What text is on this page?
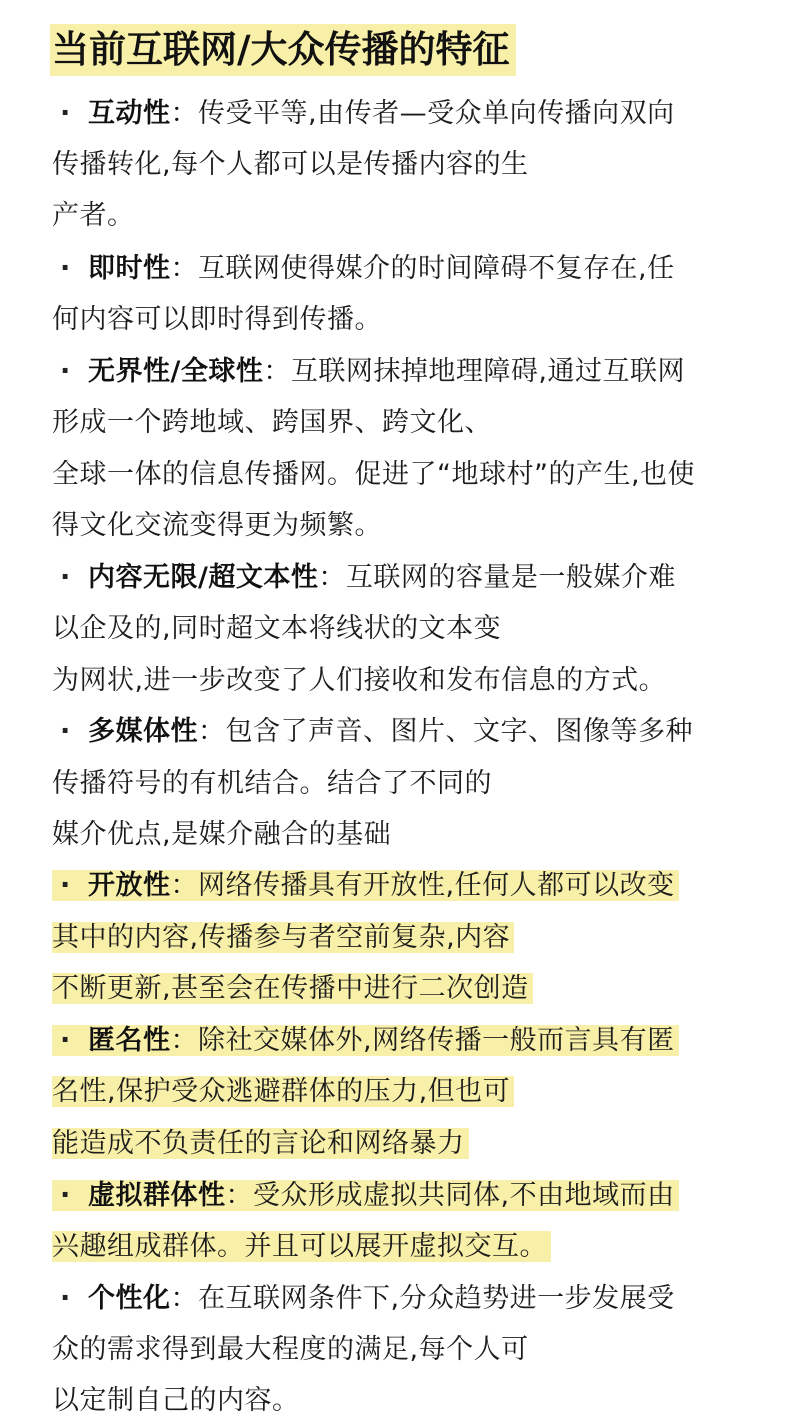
当前互联网/大众传播的特征
· 互动性：传受平等,由传者—受众单向传播向双向
传播转化,每个人都可以是传播内容的生
产者。
· 即时性：互联网使得媒介的时间障碍不复存在,任
何内容可以即时得到传播。
· 无界性/全球性：互联网抹掉地理障碍,通过互联网
形成一个跨地域、跨国界、跨文化、
全球一体的信息传播网。促进了“地球村”的产生,也使
得文化交流变得更为频繁。
· 内容无限/超文本性：互联网的容量是一般媒介难
以企及的,同时超文本将线状的文本变
为网状,进一步改变了人们接收和发布信息的方式。
· 多媒体性：包含了声音、图片、文字、图像等多种
传播符号的有机结合。结合了不同的
媒介优点,是媒介融合的基础
· 开放性：网络传播具有开放性,任何人都可以改变
其中的内容,传播参与者空前复杂,内容
不断更新,甚至会在传播中进行二次创造
· 匿名性：除社交媒体外,网络传播一般而言具有匿
名性,保护受众逃避群体的压力,但也可
能造成不负责任的言论和网络暴力
· 虚拟群体性：受众形成虚拟共同体,不由地域而由
兴趣组成群体。并且可以展开虚拟交互。
· 个性化：在互联网条件下,分众趋势进一步发展受
众的需求得到最大程度的满足,每个人可
以定制自己的内容。
